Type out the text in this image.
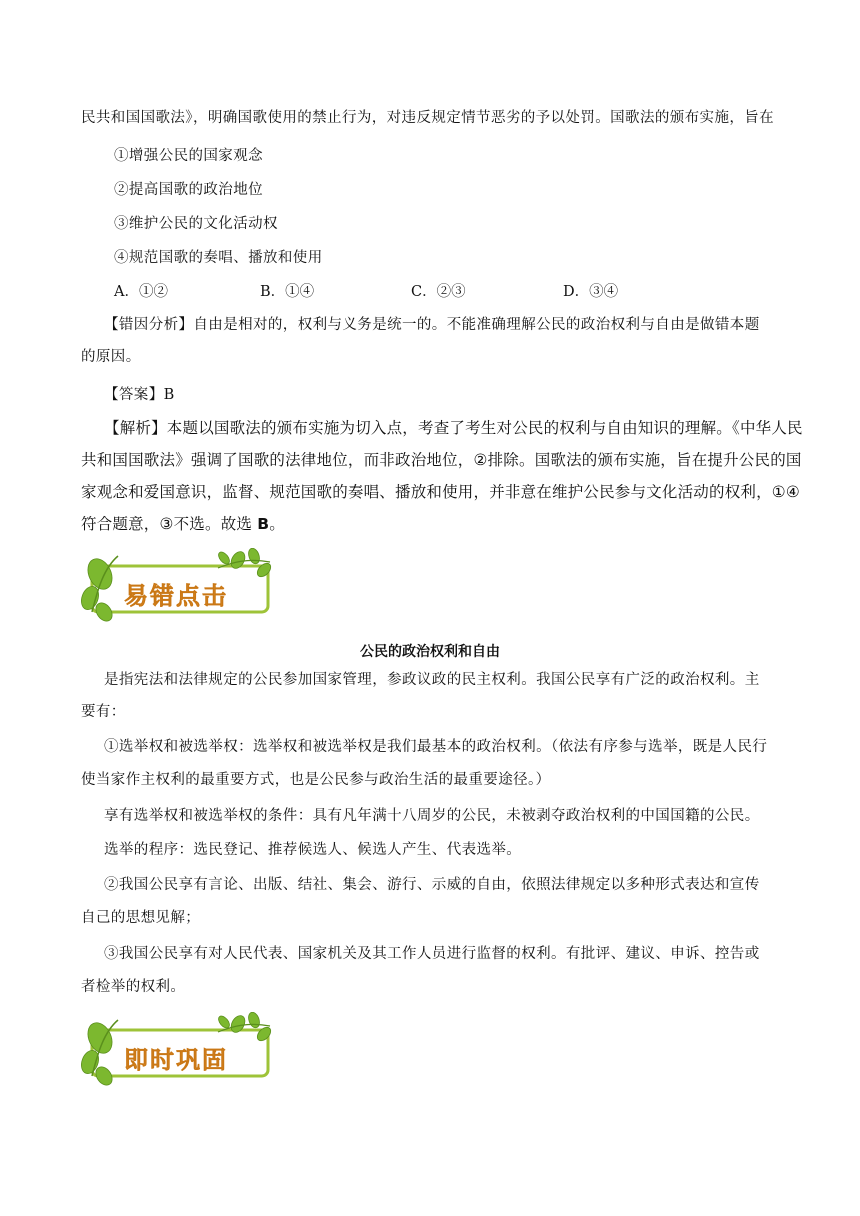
民共和国国歌法》，明确国歌使用的禁止行为，对违反规定情节恶劣的予以处罚。国歌法的颁布实施，旨在
①增强公民的国家观念
②提高国歌的政治地位
③维护公民的文化活动权
④规范国歌的奏唱、播放和使用
A．①②	B．①④	C．②③	D．③④
【错因分析】自由是相对的，权利与义务是统一的。不能准确理解公民的政治权利与自由是做错本题
的原因。
【答案】B
【解析】本题以国歌法的颁布实施为切入点，考查了考生对公民的权利与自由知识的理解。《中华人民
共和国国歌法》强调了国歌的法律地位，而非政治地位，②排除。国歌法的颁布实施，旨在提升公民的国
家观念和爱国意识，监督、规范国歌的奏唱、播放和使用，并非意在维护公民参与文化活动的权利，①④
符合题意，③不选。故选 B。
易错点击
公民的政治权利和自由
是指宪法和法律规定的公民参加国家管理，参政议政的民主权利。我国公民享有广泛的政治权利。主
要有：
①选举权和被选举权：选举权和被选举权是我们最基本的政治权利。（依法有序参与选举，既是人民行
使当家作主权利的最重要方式，也是公民参与政治生活的最重要途径。）
享有选举权和被选举权的条件：具有凡年满十八周岁的公民，未被剥夺政治权利的中国国籍的公民。
选举的程序：选民登记、推荐候选人、候选人产生、代表选举。
②我国公民享有言论、出版、结社、集会、游行、示威的自由，依照法律规定以多种形式表达和宣传
自己的思想见解；
③我国公民享有对人民代表、国家机关及其工作人员进行监督的权利。有批评、建议、申诉、控告或
者检举的权利。
即时巩固
